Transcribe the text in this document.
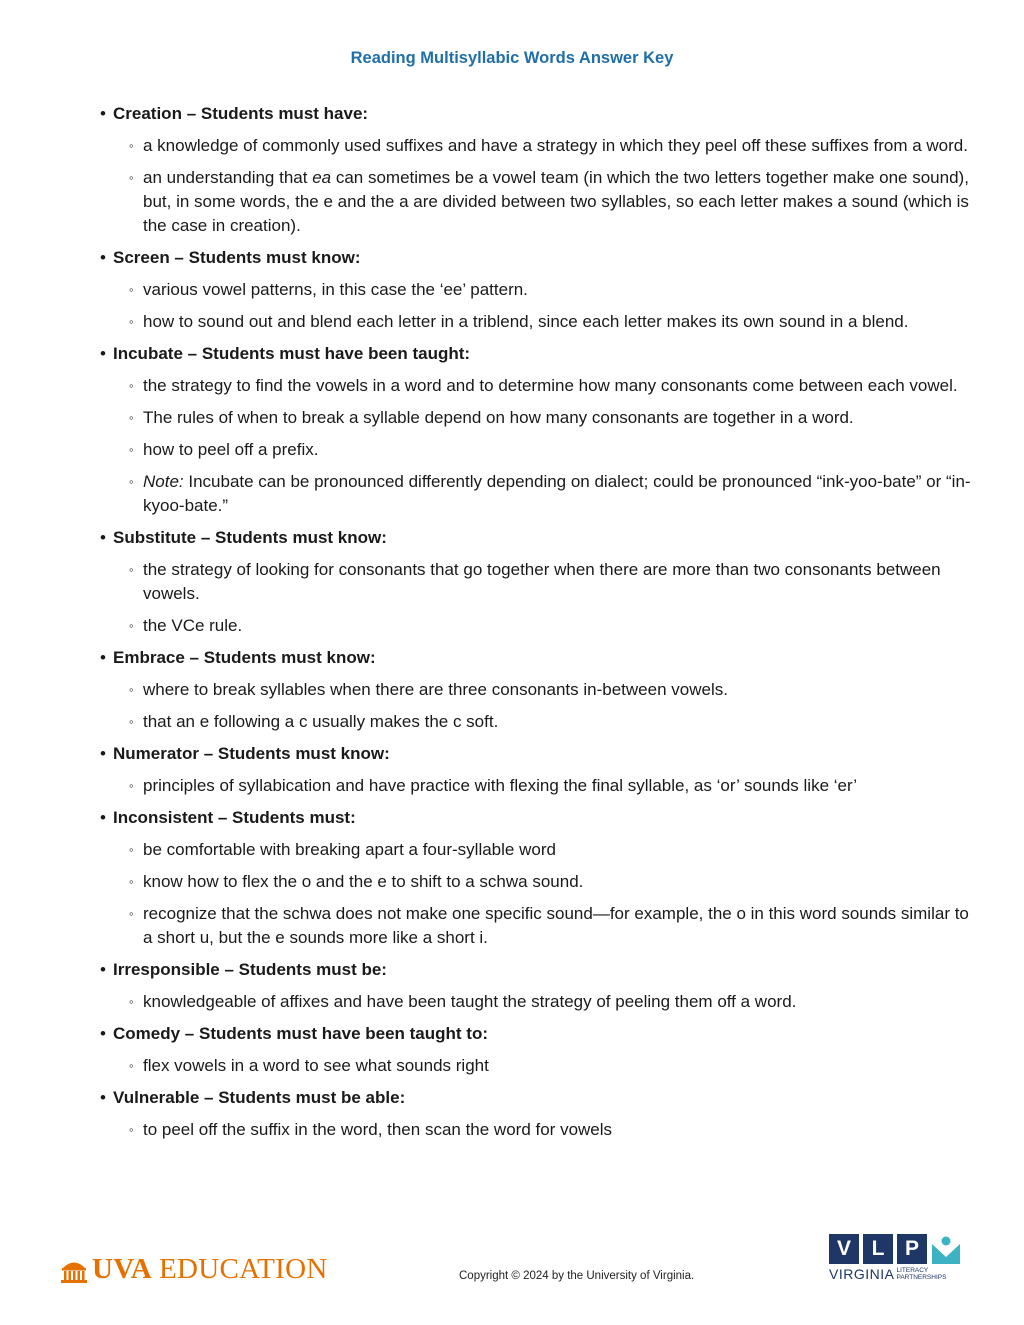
Reading Multisyllabic Words Answer Key
• Creation – Students must have:
◦ a knowledge of commonly used suffixes and have a strategy in which they peel off these suffixes from a word.
◦ an understanding that ea can sometimes be a vowel team (in which the two letters together make one sound), but, in some words, the e and the a are divided between two syllables, so each letter makes a sound (which is the case in creation).
• Screen – Students must know:
◦ various vowel patterns, in this case the ‘ee’ pattern.
◦ how to sound out and blend each letter in a triblend, since each letter makes its own sound in a blend.
• Incubate – Students must have been taught:
◦ the strategy to find the vowels in a word and to determine how many consonants come between each vowel.
◦ The rules of when to break a syllable depend on how many consonants are together in a word.
◦ how to peel off a prefix.
◦ Note: Incubate can be pronounced differently depending on dialect; could be pronounced “ink-yoo-bate” or “in-kyoo-bate.”
• Substitute – Students must know:
◦ the strategy of looking for consonants that go together when there are more than two consonants between vowels.
◦ the VCe rule.
• Embrace – Students must know:
◦ where to break syllables when there are three consonants in-between vowels.
◦ that an e following a c usually makes the c soft.
• Numerator – Students must know:
◦ principles of syllabication and have practice with flexing the final syllable, as ‘or’ sounds like ‘er’
• Inconsistent – Students must:
◦ be comfortable with breaking apart a four-syllable word
◦ know how to flex the o and the e to shift to a schwa sound.
◦ recognize that the schwa does not make one specific sound—for example, the o in this word sounds similar to a short u, but the e sounds more like a short i.
• Irresponsible – Students must be:
◦ knowledgeable of affixes and have been taught the strategy of peeling them off a word.
• Comedy – Students must have been taught to:
◦ flex vowels in a word to see what sounds right
• Vulnerable – Students must be able:
◦ to peel off the suffix in the word, then scan the word for vowels
UVA EDUCATION	Copyright © 2024 by the University of Virginia.
V L P
VIRGINIA LITERACY
PARTNERSHIPS
